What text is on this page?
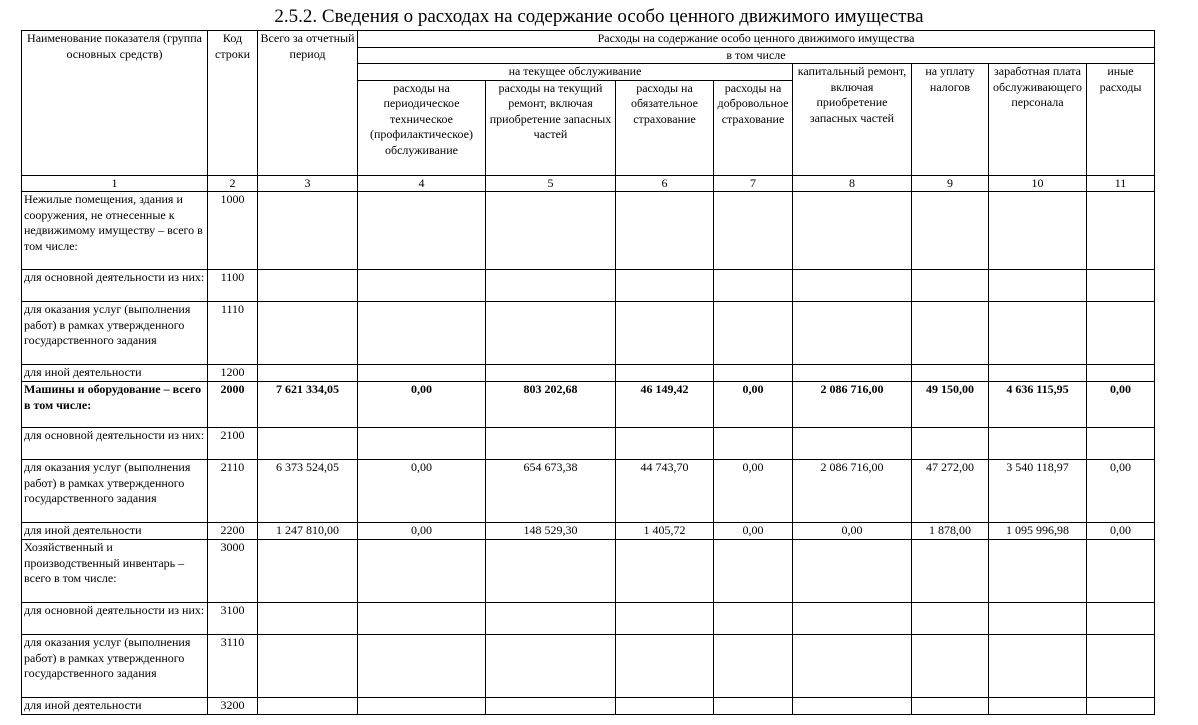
2.5.2. Сведения о расходах на содержание особо ценного движимого имущества
Наименование показателя (группа основных средств)	Код строки	Всего за отчетный период	Расходы на содержание особо ценного движимого имущества							
			в том числе							
			на текущее обслуживание				капитальный ремонт, включая приобретение запасных частей	на уплату налогов	заработная плата обслуживающего персонала	иные расходы
			расходы на периодическое техническое (профилактическое) обслуживание	расходы на текущий ремонт, включая приобретение запасных частей	расходы на обязательное страхование	расходы на добровольное страхование				
1	2	3	4	5	6	7	8	9	10	11
Нежилые помещения, здания и сооружения, не отнесенные к недвижимому имуществу – всего в том числе:	1000									
для основной деятельности из них:	1100									
для оказания услуг (выполнения работ) в рамках утвержденного государственного задания	1110									
для иной деятельности	1200									
Машины и оборудование – всего в том числе:	2000	7 621 334,05	0,00	803 202,68	46 149,42	0,00	2 086 716,00	49 150,00	4 636 115,95	0,00
для основной деятельности из них:	2100									
для оказания услуг (выполнения работ) в рамках утвержденного государственного задания	2110	6 373 524,05	0,00	654 673,38	44 743,70	0,00	2 086 716,00	47 272,00	3 540 118,97	0,00
для иной деятельности	2200	1 247 810,00	0,00	148 529,30	1 405,72	0,00	0,00	1 878,00	1 095 996,98	0,00
Хозяйственный и производственный инвентарь – всего в том числе:	3000									
для основной деятельности из них:	3100									
для оказания услуг (выполнения работ) в рамках утвержденного государственного задания	3110									
для иной деятельности	3200									
